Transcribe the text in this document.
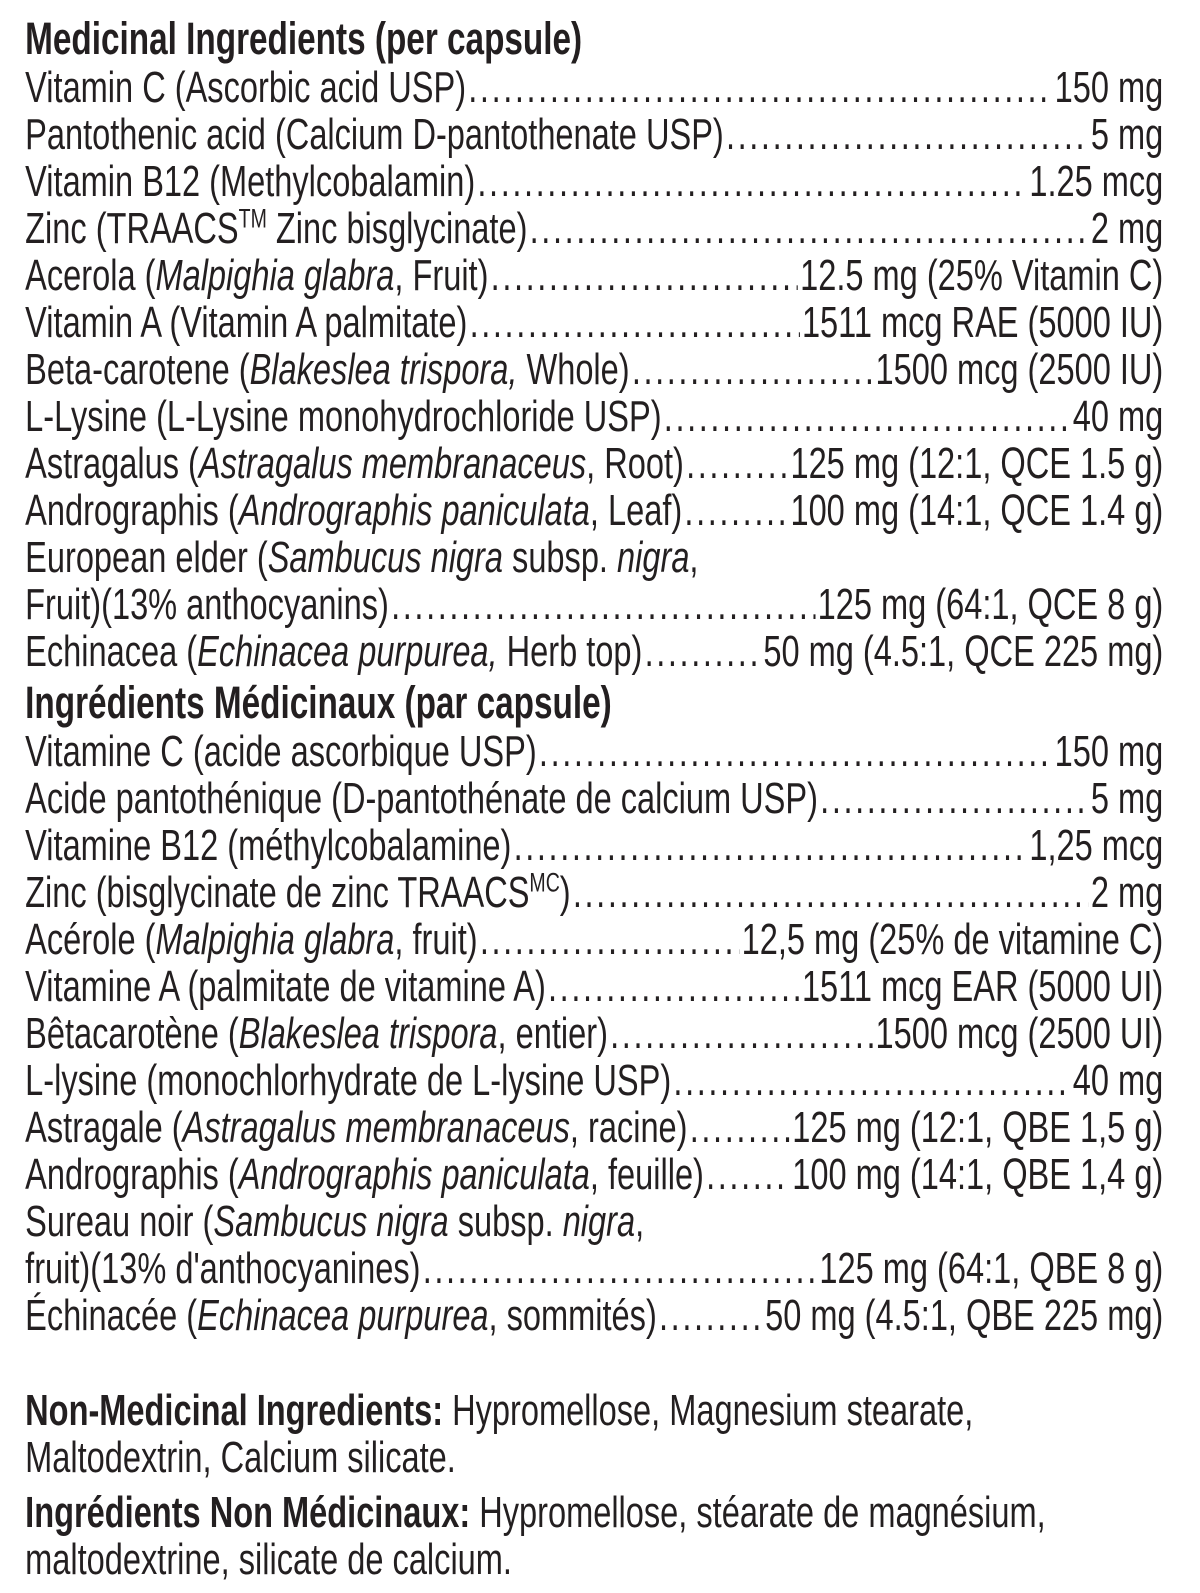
Medicinal Ingredients (per capsule)
Vitamin C (Ascorbic acid USP) .....	150 mg
Pantothenic acid (Calcium D-pantothenate USP) .....	5 mg
Vitamin B12 (Methylcobalamin) .....	1.25 mcg
Zinc (TRAACS™ Zinc bisglycinate) .....	2 mg
Acerola (Malpighia glabra, Fruit) .....	12.5 mg (25% Vitamin C)
Vitamin A (Vitamin A palmitate) .....	1511 mcg RAE (5000 IU)
Beta-carotene (Blakeslea trispora, Whole) .....	1500 mcg (2500 IU)
L-Lysine (L-Lysine monohydrochloride USP) .....	40 mg
Astragalus (Astragalus membranaceus, Root) ..... 125 mg (12:1, QCE 1.5 g)
Andrographis (Andrographis paniculata, Leaf) ..... 100 mg (14:1, QCE 1.4 g)
European elder (Sambucus nigra subsp. nigra,
Fruit)(13% anthocyanins) .....	125 mg (64:1, QCE 8 g)
Echinacea (Echinacea purpurea, Herb top) .....	50 mg (4.5:1, QCE 225 mg)
Ingrédients Médicinaux (par capsule)
Vitamine C (acide ascorbique USP) .....	150 mg
Acide pantothénique (D-pantothénate de calcium USP) .....	5 mg
Vitamine B12 (méthylcobalamine) .....	1,25 mcg
Zinc (bisglycinate de zinc $TRAACS^{MC}$) .....	2 mg
Acérole (Malpighia glabra, fruit) .....	12,5 mg (25% de vitamine C)
Vitamine A (palmitate de vitamine A) .....	1511 mcg EAR (5000 UI)
Bêtacarotène (Blakeslea trispora, entier) .....	1500 mcg (2500 UI)
L-lysine (monochlorhydrate de L-lysine USP) .....	40 mg
Astragale (Astragalus membranaceus, racine) ..... 125 mg (12:1, QBE 1,5 g)
Andrographis (Andrographis paniculata, feuille) ..... 100 mg (14:1, QBE 1,4 g)
Sureau noir (Sambucus nigra subsp. nigra,
fruit)(13% d'anthocyanines) .....	125 mg (64:1, QBE 8 g)
Échinacée (Echinacea purpurea, sommités) ..... 50 mg (4.5:1, QBE 225 mg)

Non-Medicinal Ingredients: Hypromellose, Magnesium stearate,
Maltodextrin, Calcium silicate.

Ingrédients Non Médicinaux: Hypromellose, stéarate de magnésium,
maltodextrine, silicate de calcium.
